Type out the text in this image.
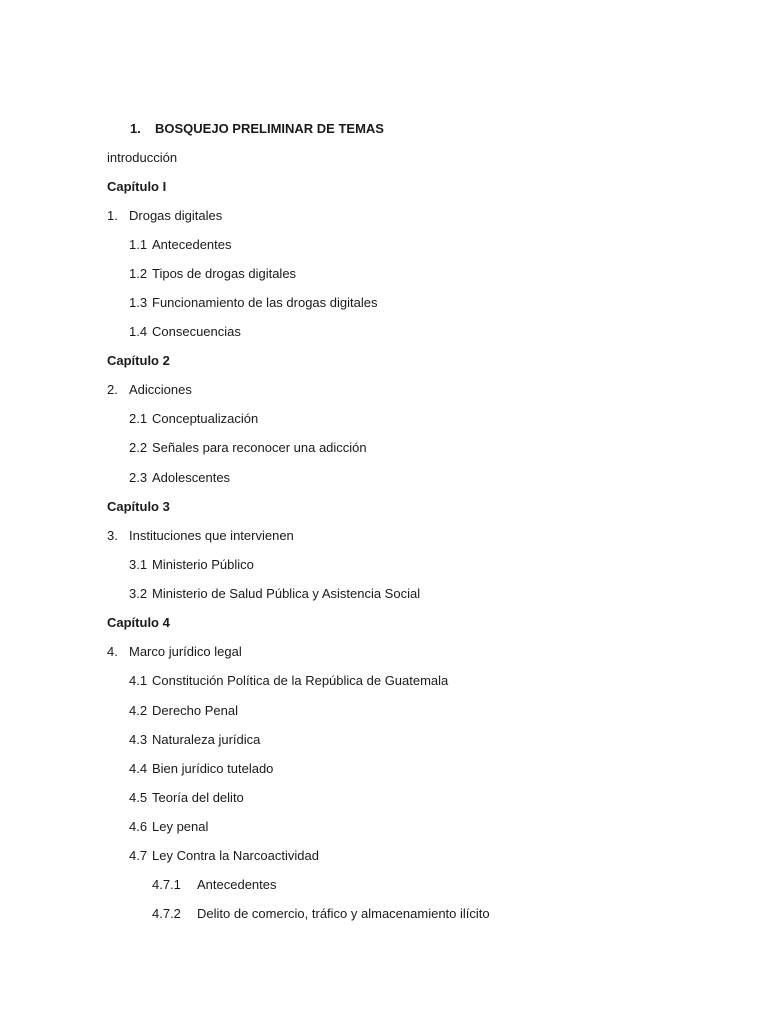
1. BOSQUEJO PRELIMINAR DE TEMAS
introducción
Capítulo I
1. Drogas digitales
1.1 Antecedentes
1.2 Tipos de drogas digitales
1.3 Funcionamiento de las drogas digitales
1.4 Consecuencias
Capítulo 2
2. Adicciones
2.1 Conceptualización
2.2 Señales para reconocer una adicción
2.3 Adolescentes
Capítulo 3
3. Instituciones que intervienen
3.1 Ministerio Público
3.2 Ministerio de Salud Pública y Asistencia Social
Capítulo 4
4. Marco jurídico legal
4.1 Constitución Política de la República de Guatemala
4.2 Derecho Penal
4.3 Naturaleza jurídica
4.4 Bien jurídico tutelado
4.5 Teoría del delito
4.6 Ley penal
4.7 Ley Contra la Narcoactividad
4.7.1 Antecedentes
4.7.2 Delito de comercio, tráfico y almacenamiento ilícito
